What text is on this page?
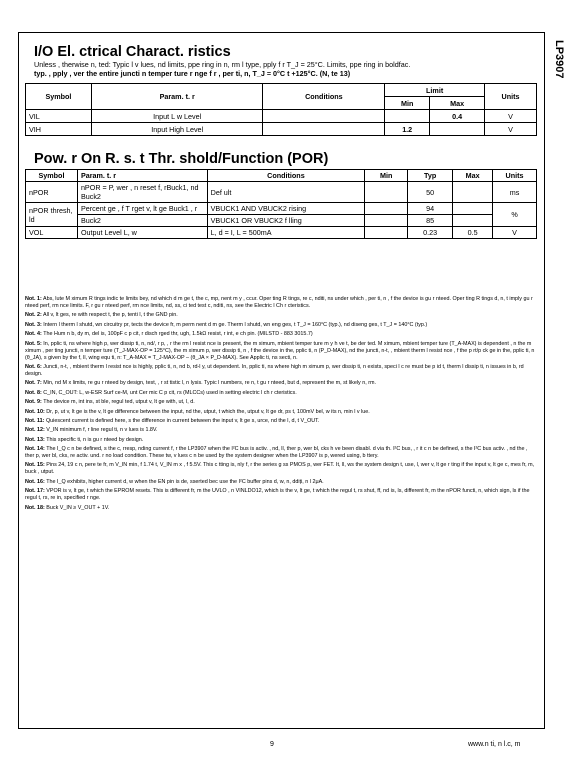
LP3907
I/O El. ctrical Charact. ristics
Unless , therwise n, ted: Typic l v lues, nd limits, ppe ring in n, rm l type, pply f r T_J = 25°C. Limits, ppe ring in boldfac.
typ. , pply , ver the entire juncti n temper ture r nge f r , per ti, n, T_J = 0°C t +125°C. (N, te 13)
Symbol	Param. t. r	Conditions	Limit		Units
			Min	Max	
VIL	Input L w Level			0.4	V
VIH	Input High Level		1.2		V
Pow. r On R. s. t Thr. shold/Function (POR)
Symbol	Param. t. r	Conditions	Min	Typ	Max	Units
nPOR	nPOR = P, wer , n reset f, rBuck1, nd Buck2	Def ult		50		ms
nPOR thresh, ld	Percent ge , f T rget v, lt ge Buck1 , r	VBUCK1 AND VBUCK2 rising		94		%
	Buck2	VBUCK1 OR VBUCK2 f lling		85		
VOL	Output Level L, w	L, d = I, L = 500mA		0.23	0.5	V

Not. 1: Abs, lute M ximum R tings indic te limits bey, nd which d m ge t, the c, mp, nent m y , ccur. Oper ting R tings, re c, nditi, ns under which , per ti, n , f the device is gu r nteed. Oper ting R tings d, n, t imply gu r nteed perf, rm nce limits. F, r gu r nteed perf, rm nce limits, nd, ss, ci ted test c, nditi, ns, see the Electric l Ch r cteristics.

Not. 2: All v, lt ges, re with respect t, the p, tenti l, t the GND pin.

Not. 3: Intern l therm l shutd, wn circuitry pr, tects the device fr, m perm nent d m ge. Therm l shutd, wn eng ges, t T_J = 160°C (typ.), nd diseng ges, t T_J = 140°C (typ.)

Not. 4: The Hum n b, dy m, del is, 100pF c p cit, r disch rged thr, ugh, 1.5kΩ resist, r int, e ch pin. (MILSTD - 883 3015.7)

Not. 5: In, pplic ti, ns where high p, wer dissip ti, n, nd/, r p, , r the rm l resist nce is present, the m ximum, mbient temper ture m y h ve t, be der ted. M ximum, mbient temper ture (T_A-MAX) is dependent , n the m ximum , per ting juncti, n temper ture (T_J-MAX-OP = 125°C), the m ximum p, wer dissip ti, n , f the device in the, pplic ti, n (P_D-MAX), nd the juncti, n-t, , mbient therm l resist nce , f the p rt/p ck ge in the, pplic ti, n (θ_JA), s given by the f, ll, wing equ ti, n: T_A-MAX = T_J-MAX-OP – (θ_JA × P_D-MAX). See Applic ti, ns secti, n.

Not. 6: Juncti, n-t, , mbient therm l resist nce is highly, pplic ti, n, nd b, rd-l y, ut dependent. In, pplic ti, ns where high m ximum p, wer dissip ti, n exists, speci l c re must be p id t, therm l dissip ti, n issues in b, rd design.

Not. 7: Min, nd M x limits, re gu r nteed by design, test, , r st tistic l, n lysis. Typic l numbers, re n, t gu r nteed, but d, represent the m, st likely n, rm.

Not. 8: C_IN, C_OUT: L, w-ESR Surf ce-M, unt Cer mic C p cit, rs (MLCCs) used in setting electric l ch r cteristics.

Not. 9: The device m, int ins, st ble, regul ted, utput v, lt ge with, ut, l, d.

Not. 10: Dr, p, ut v, lt ge is the v, lt ge difference between the input, nd the, utput, t which the, utput v, lt ge dr, ps t, 100mV bel, w its n, min l v lue.

Not. 11: Quiescent current is defined here, s the difference in current between the input v, lt ge s, urce, nd the l, d, t V_OUT.

Not. 12: V_IN minimum f, r line regul ti, n v lues is 1.8V.

Not. 13: This specific ti, n is gu r nteed by design.

Not. 14: The I_Q c n be defined, s the c, rresp, nding current f, r the LP3907 when the I²C bus is activ. , nd, ll, ther p, wer bl, cks h ve been disabl. d via th. I²C bus, , r it c n be defined, s the I²C bus activ. , nd the , ther p, wer bl, cks, re activ. und. r no load condition. These tw, v lues c n be used by the system designer when the LP3907 is p, wered using, b ttery.

Not. 15: Pins 24, 19 c n, pere te fr, m V_IN min, f 1.74 t, V_IN m x , f 5.5V. This c tting is, nly f, r the series g ss PMOS p, wer FET. It, ll, ws the system design t, use, l, wer v, lt ge r ting if the input v, lt ge c, mes fr, m, buck , utput.

Not. 16: The I_Q exhibits, higher current d, w when the EN pin is de, sserted bec use the I²C buffer pins d, w, n, ddiți, n l 2μA.

Not. 17: VPOR is v, lt ge, t which the EPROM resets. This is different fr, m the UVLO , n VINLDO12, which is the v, lt ge, t which the regul t, rs shut, ff, nd is, ls, different fr, m the nPOR functi, n, which sign, ls if the regul t, rs, re in, specified r nge.

Not. 18: Buck V_IN ≥ V_OUT + 1V.

9	www.n ti, n l.c, m
